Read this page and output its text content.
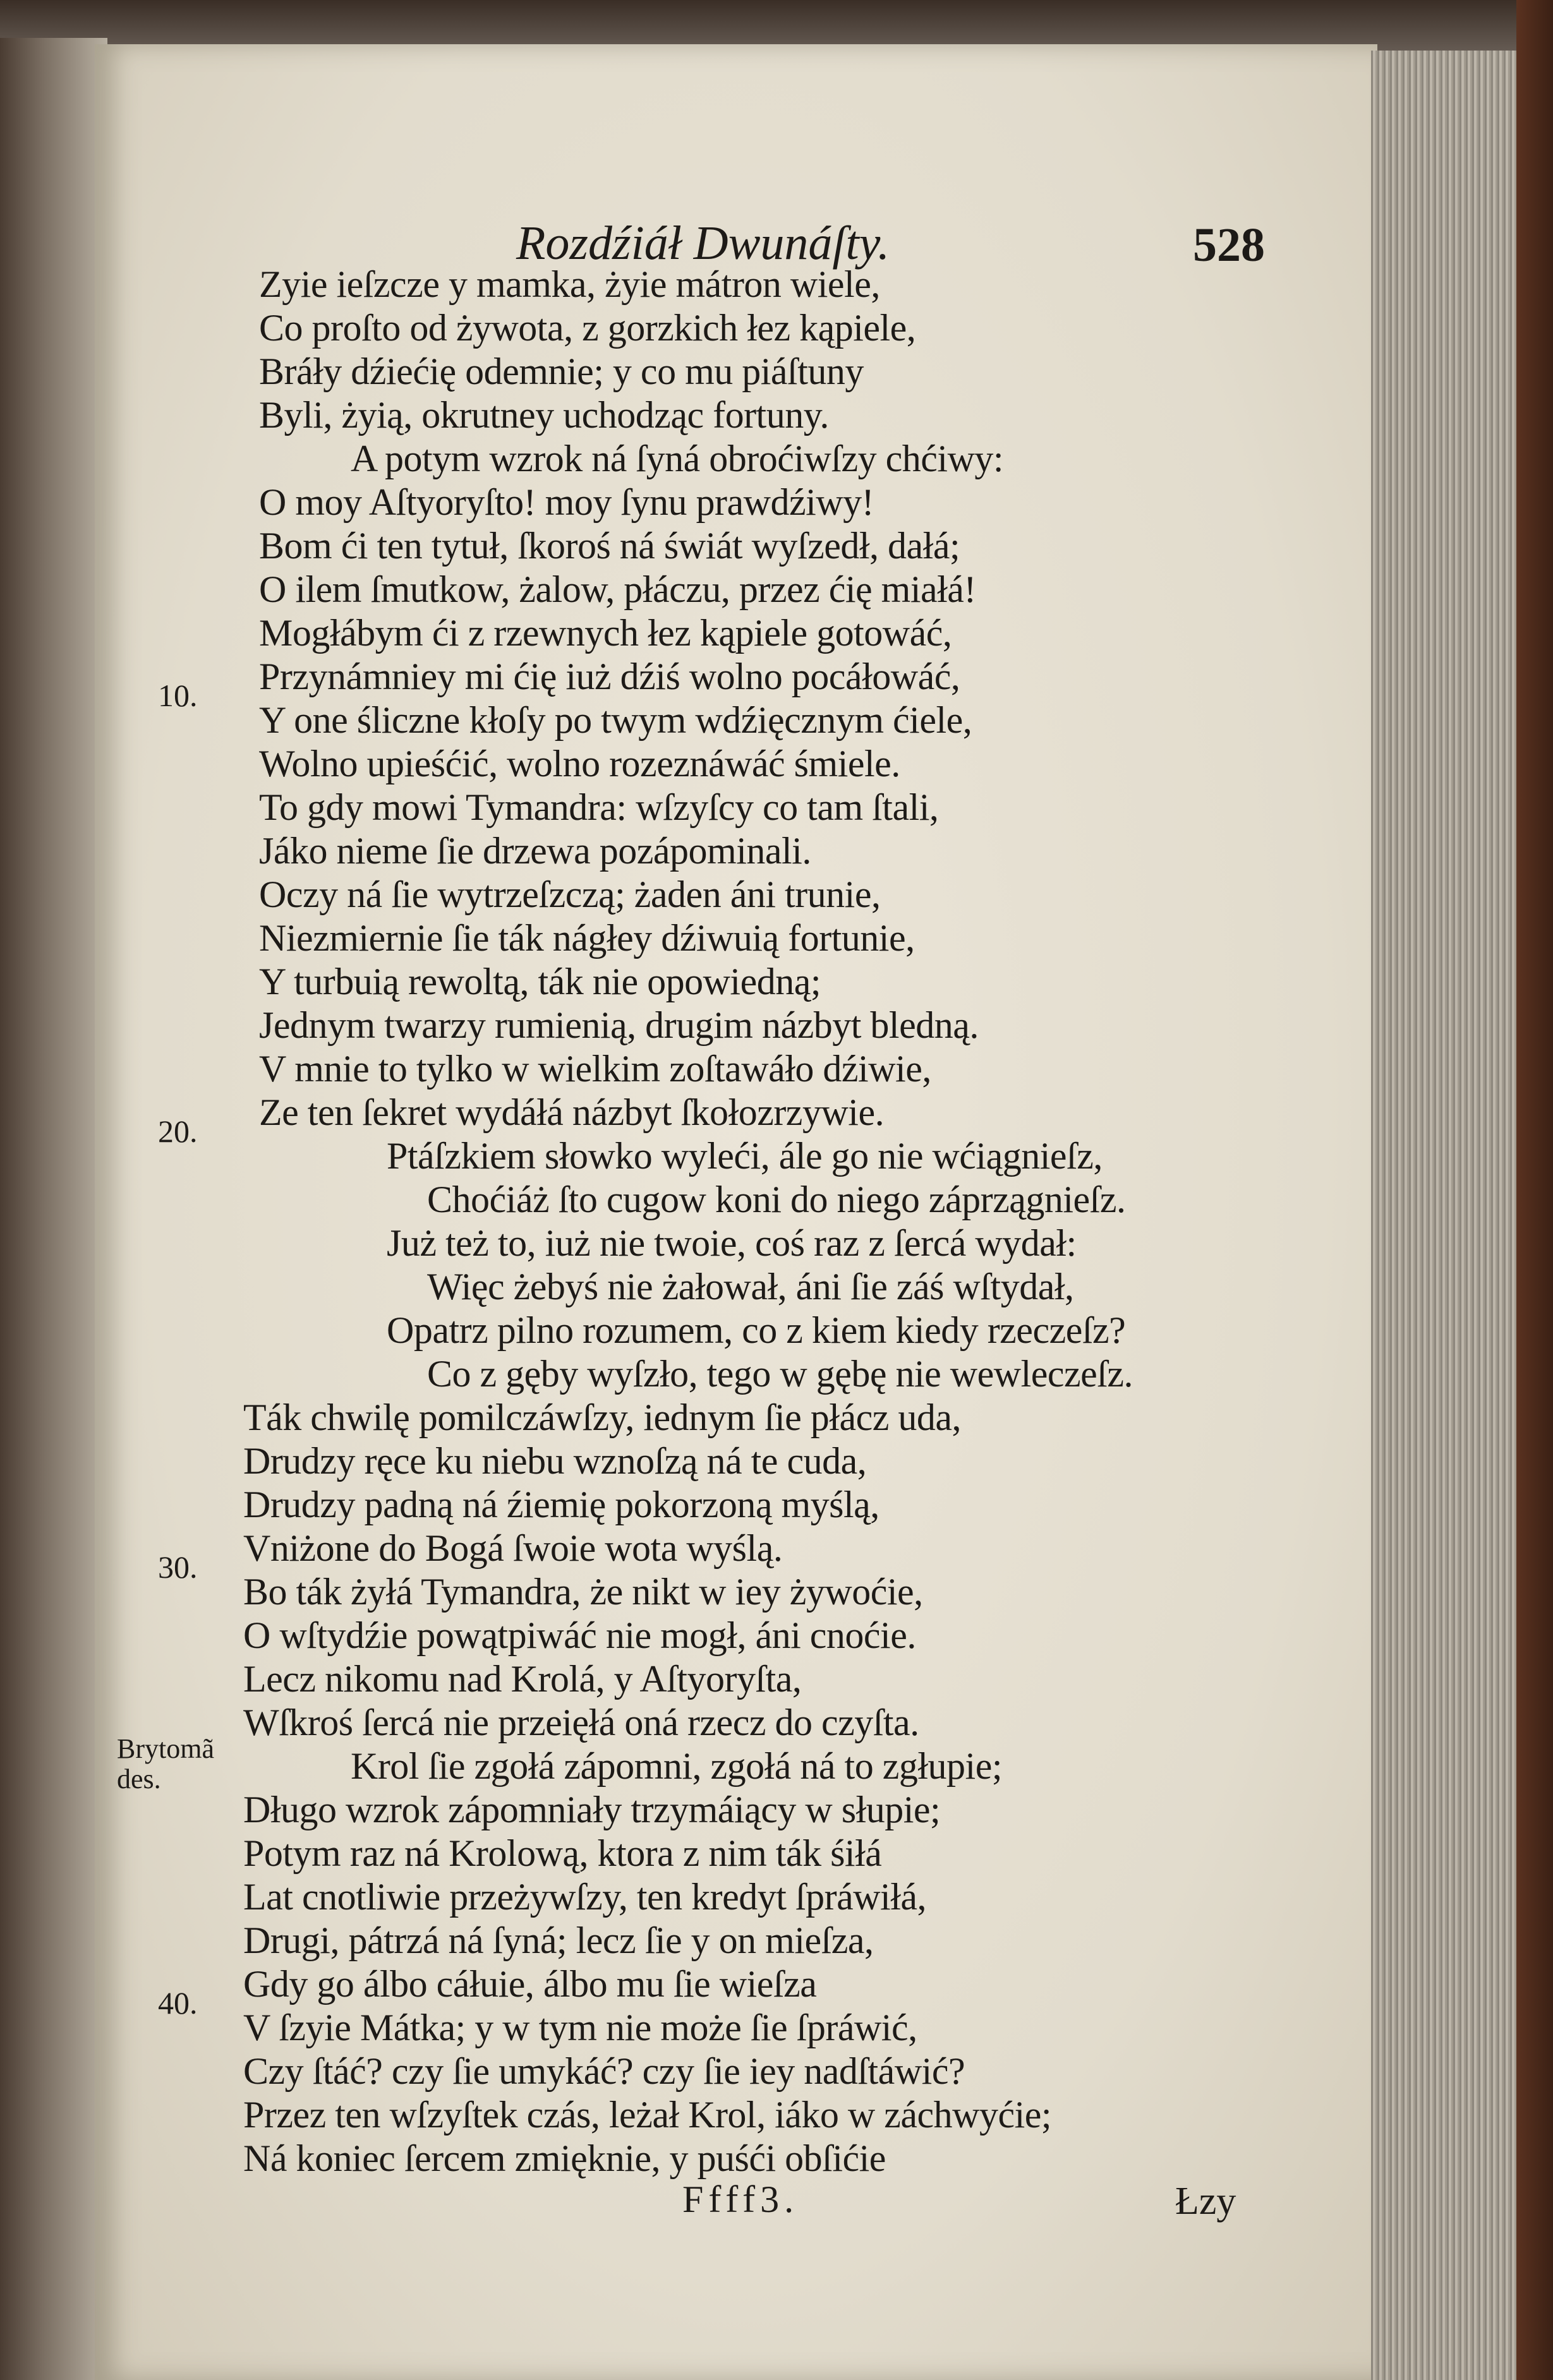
Rozdźiáł Dwunáſty.	528
Zyie ieſzcze y mamka, żyie mátron wiele,
Co proſto od żywota, z gorzkich łez kąpiele,
Bráły dźiećię odemnie; y co mu piáſtuny
Byli, żyią, okrutney uchodząc fortuny.
A potym wzrok ná ſyná obroćiwſzy chćiwy:
O moy Aſtyoryſto! moy ſynu prawdźiwy!
Bom ći ten tytuł, ſkoroś ná świát wyſzedł, dałá;
O ilem ſmutkow, żalow, płáczu, przez ćię miałá!
Mogłábym ći z rzewnych łez kąpiele gotowáć,
Przynámniey mi ćię iuż dźiś wolno pocáłowáć,
Y one śliczne kłoſy po twym wdźięcznym ćiele,
Wolno upieśćić, wolno rozeznáwáć śmiele.
To gdy mowi Tymandra: wſzyſcy co tam ſtali,
Jáko nieme ſie drzewa pozápominali.
Oczy ná ſie wytrzeſzczą; żaden áni trunie,
Niezmiernie ſie ták nágłey dźiwuią fortunie,
Y turbuią rewoltą, ták nie opowiedną;
Jednym twarzy rumienią, drugim názbyt bledną.
V mnie to tylko w wielkim zoſtawáło dźiwie,
Ze ten ſekret wydáłá názbyt ſkołozrzywie.
Ptáſzkiem słowko wyleći, ále go nie wćiągnieſz,
Choćiáż ſto cugow koni do niego záprzągnieſz.
Już też to, iuż nie twoie, coś raz z ſercá wydał:
Więc żebyś nie żałował, áni ſie záś wſtydał,
Opatrz pilno rozumem, co z kiem kiedy rzeczeſz?
Co z gęby wyſzło, tego w gębę nie wewleczeſz.
Ták chwilę pomilczáwſzy, iednym ſie płácz uda,
Drudzy ręce ku niebu wznoſzą ná te cuda,
Drudzy padną ná źiemię pokorzoną myślą,
Vniżone do Bogá ſwoie wota wyślą.
Bo ták żyłá Tymandra, że nikt w iey żywoćie,
O wſtydźie powątpiwáć nie mogł, áni cnoćie.
Lecz nikomu nad Krolá, y Aſtyoryſta,
Wſkroś ſercá nie przeięłá oná rzecz do czyſta.
Krol ſie zgołá zápomni, zgołá ná to zgłupie;
Długo wzrok zápomniały trzymáiący w słupie;
Potym raz ná Krolową, ktora z nim ták śiłá
Lat cnotliwie przeżywſzy, ten kredyt ſpráwiłá,
Drugi, pátrzá ná ſyná; lecz ſie y on mieſza,
Gdy go álbo cáłuie, álbo mu ſie wieſza
V ſzyie Mátka; y w tym nie może ſie ſpráwić,
Czy ſtáć? czy ſie umykáć? czy ſie iey nadſtáwić?
Przez ten wſzyſtek czás, leżał Krol, iáko w záchwyćie;
Ná koniec ſercem zmięknie, y puśći obſićie
10.
20.
30.
40.
Brytomã
des.
Ffff3.	Łzy
